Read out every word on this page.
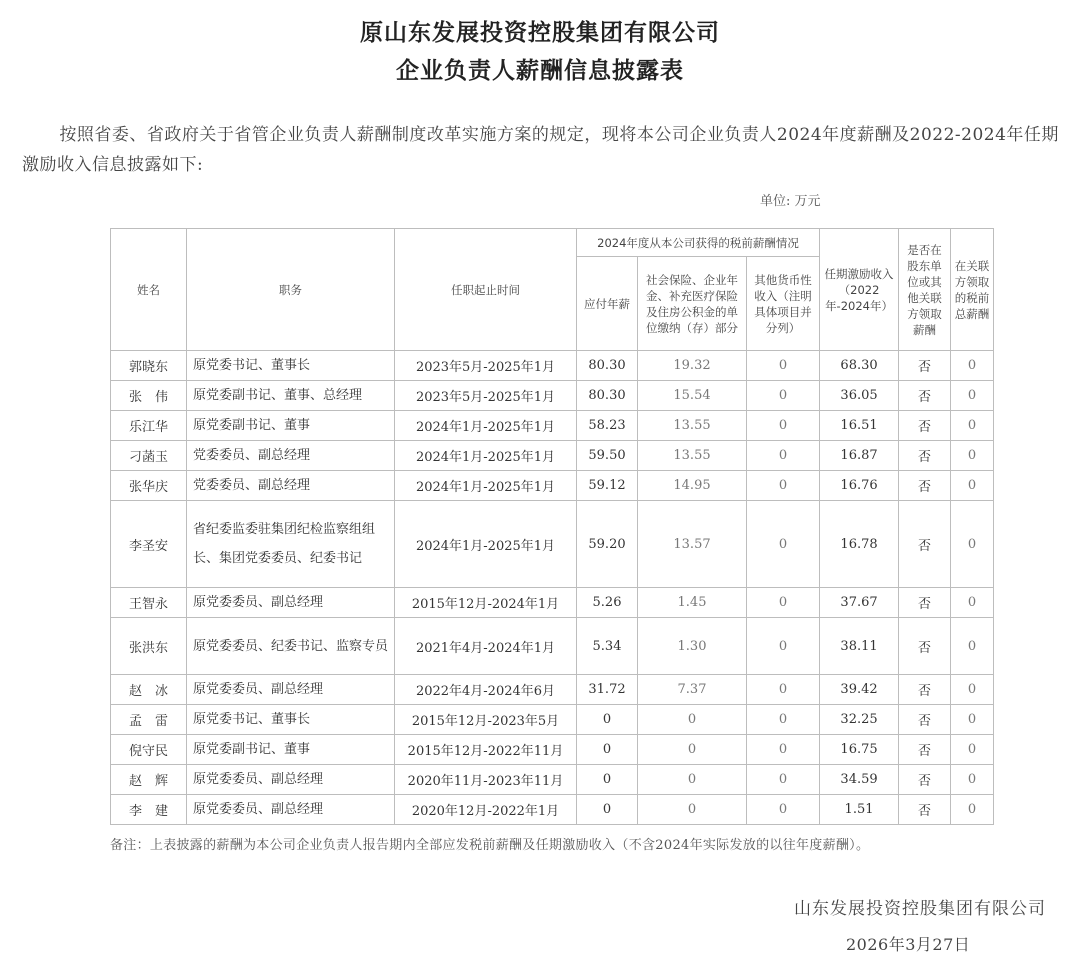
原山东发展投资控股集团有限公司
企业负责人薪酬信息披露表

按照省委、省政府关于省管企业负责人薪酬制度改革实施方案的规定，现将本公司企业负责人2024年度薪酬及2022-2024年任期激励收入信息披露如下:

单位: 万元
姓名	职务	任职起止时间	2024年度从本公司获得的税前薪酬情况			任期激励收入（2022年-2024年）	是否在股东单位或其他关联方领取薪酬	在关联方领取的税前总薪酬
			应付年薪	社会保险、企业年金、补充医疗保险及住房公积金的单位缴纳（存）部分	其他货币性收入（注明具体项目并分列）			
郭晓东	原党委书记、董事长	2023年5月-2025年1月	80.30	19.32	0	68.30	否	0
张　伟	原党委副书记、董事、总经理	2023年5月-2025年1月	80.30	15.54	0	36.05	否	0
乐江华	原党委副书记、董事	2024年1月-2025年1月	58.23	13.55	0	16.51	否	0
刁菡玉	党委委员、副总经理	2024年1月-2025年1月	59.50	13.55	0	16.87	否	0
张华庆	党委委员、副总经理	2024年1月-2025年1月	59.12	14.95	0	16.76	否	0
李圣安	省纪委监委驻集团纪检监察组组长、集团党委委员、纪委书记	2024年1月-2025年1月	59.20	13.57	0	16.78	否	0
王智永	原党委委员、副总经理	2015年12月-2024年1月	5.26	1.45	0	37.67	否	0
张洪东	原党委委员、纪委书记、监察专员	2021年4月-2024年1月	5.34	1.30	0	38.11	否	0
赵　冰	原党委委员、副总经理	2022年4月-2024年6月	31.72	7.37	0	39.42	否	0
孟　雷	原党委书记、董事长	2015年12月-2023年5月	0	0	0	32.25	否	0
倪守民	原党委副书记、董事	2015年12月-2022年11月	0	0	0	16.75	否	0
赵　辉	原党委委员、副总经理	2020年11月-2023年11月	0	0	0	34.59	否	0
李　建	原党委委员、副总经理	2020年12月-2022年1月	0	0	0	1.51	否	0
备注：上表披露的薪酬为本公司企业负责人报告期内全部应发税前薪酬及任期激励收入（不含2024年实际发放的以往年度薪酬）。
山东发展投资控股集团有限公司
2026年3月27日
